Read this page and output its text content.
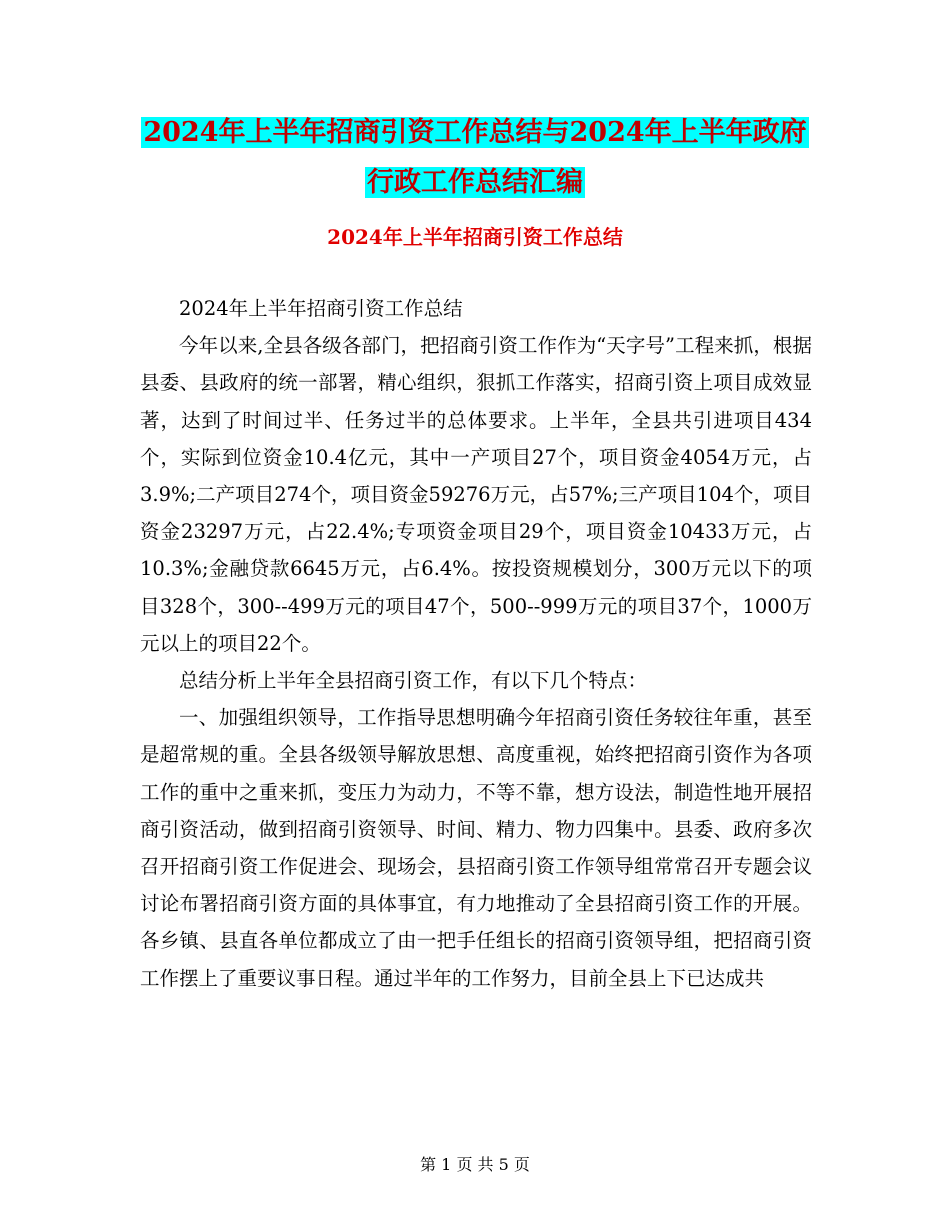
2024年上半年招商引资工作总结与2024年上半年政府
行政工作总结汇编
2024年上半年招商引资工作总结

2024年上半年招商引资工作总结

今年以来,全县各级各部门，把招商引资工作作为“天字号”工程来抓，根据县委、县政府的统一部署，精心组织，狠抓工作落实，招商引资上项目成效显著，达到了时间过半、任务过半的总体要求。上半年，全县共引进项目434个，实际到位资金10.4亿元，其中一产项目27个，项目资金4054万元，占3.9%;二产项目274个，项目资金59276万元，占57%;三产项目104个，项目资金23297万元，占22.4%;专项资金项目29个，项目资金10433万元，占10.3%;金融贷款6645万元，占6.4%。按投资规模划分，300万元以下的项目328个，300--499万元的项目47个，500--999万元的项目37个，1000万元以上的项目22个。

总结分析上半年全县招商引资工作，有以下几个特点：

一、加强组织领导，工作指导思想明确今年招商引资任务较往年重，甚至是超常规的重。全县各级领导解放思想、高度重视，始终把招商引资作为各项工作的重中之重来抓，变压力为动力，不等不靠，想方设法，制造性地开展招商引资活动，做到招商引资领导、时间、精力、物力四集中。县委、政府多次召开招商引资工作促进会、现场会，县招商引资工作领导组常常召开专题会议讨论布署招商引资方面的具体事宜，有力地推动了全县招商引资工作的开展。各乡镇、县直各单位都成立了由一把手任组长的招商引资领导组，把招商引资工作摆上了重要议事日程。通过半年的工作努力，目前全县上下已达成共

第 1 页 共 5 页
